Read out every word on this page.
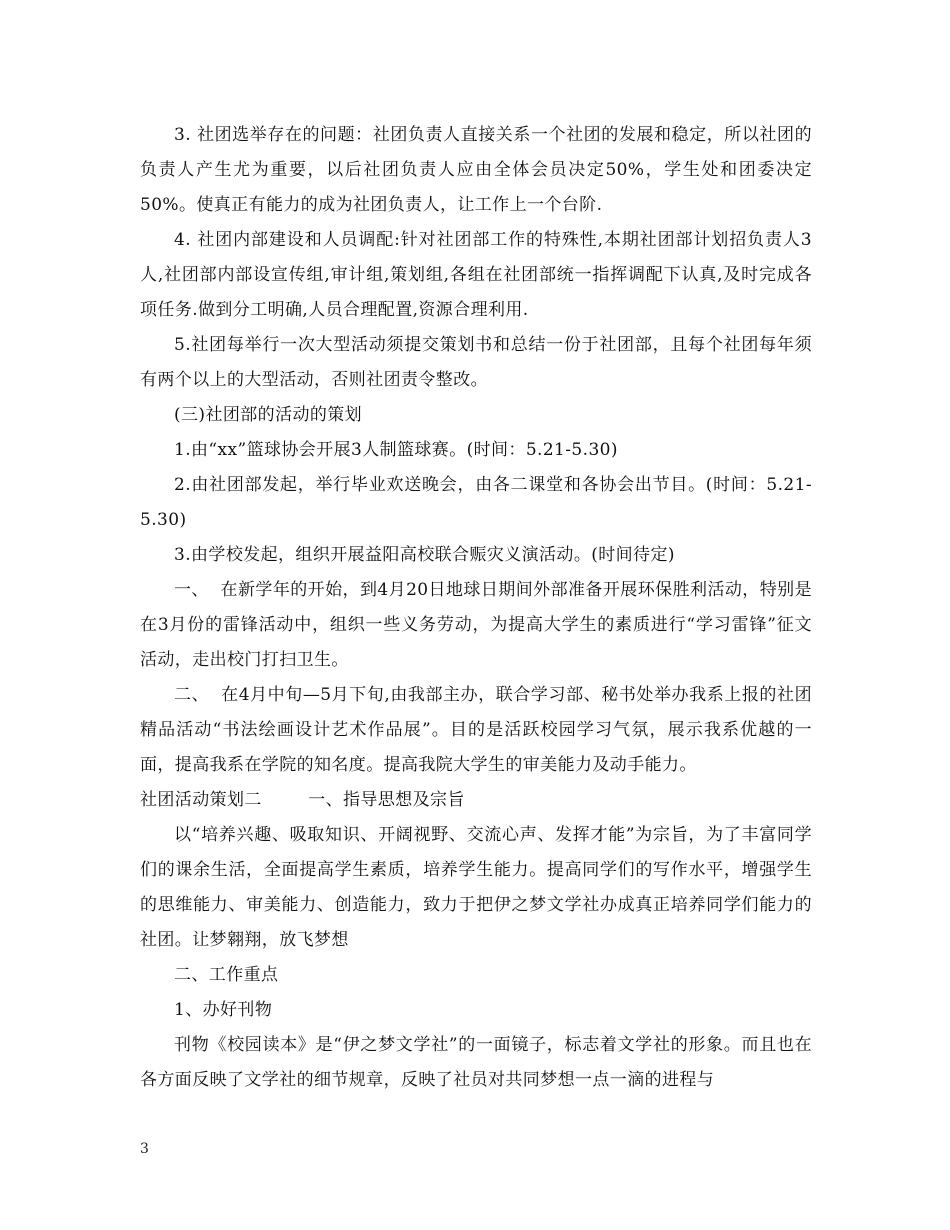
3. 社团选举存在的问题：社团负责人直接关系一个社团的发展和稳定，所以社团的负责人产生尤为重要，以后社团负责人应由全体会员决定50%，学生处和团委决定50%。使真正有能力的成为社团负责人，让工作上一个台阶.

4. 社团内部建设和人员调配:针对社团部工作的特殊性,本期社团部计划招负责人3人,社团部内部设宣传组,审计组,策划组,各组在社团部统一指挥调配下认真,及时完成各项任务.做到分工明确,人员合理配置,资源合理利用.

5.社团每举行一次大型活动须提交策划书和总结一份于社团部，且每个社团每年须有两个以上的大型活动，否则社团责令整改。

(三)社团部的活动的策划

1.由“xx”篮球协会开展3人制篮球赛。(时间：5.21-5.30)

2.由社团部发起，举行毕业欢送晚会，由各二课堂和各协会出节目。(时间：5.21-5.30)

3.由学校发起，组织开展益阳高校联合赈灾义演活动。(时间待定)

一、  在新学年的开始，到4月20日地球日期间外部准备开展环保胜利活动，特别是在3月份的雷锋活动中，组织一些义务劳动，为提高大学生的素质进行“学习雷锋”征文活动，走出校门打扫卫生。

二、  在4月中旬—5月下旬,由我部主办，联合学习部、秘书处举办我系上报的社团精品活动“书法绘画设计艺术作品展”。目的是活跃校园学习气氛，展示我系优越的一面，提高我系在学院的知名度。提高我院大学生的审美能力及动手能力。

社团活动策划二        一、指导思想及宗旨

以“培养兴趣、吸取知识、开阔视野、交流心声、发挥才能”为宗旨，为了丰富同学们的课余生活，全面提高学生素质，培养学生能力。提高同学们的写作水平，增强学生的思维能力、审美能力、创造能力，致力于把伊之梦文学社办成真正培养同学们能力的社团。让梦翱翔，放飞梦想

二、工作重点

1、办好刊物

刊物《校园读本》是“伊之梦文学社”的一面镜子，标志着文学社的形象。而且也在各方面反映了文学社的细节规章，反映了社员对共同梦想一点一滴的进程与

3
